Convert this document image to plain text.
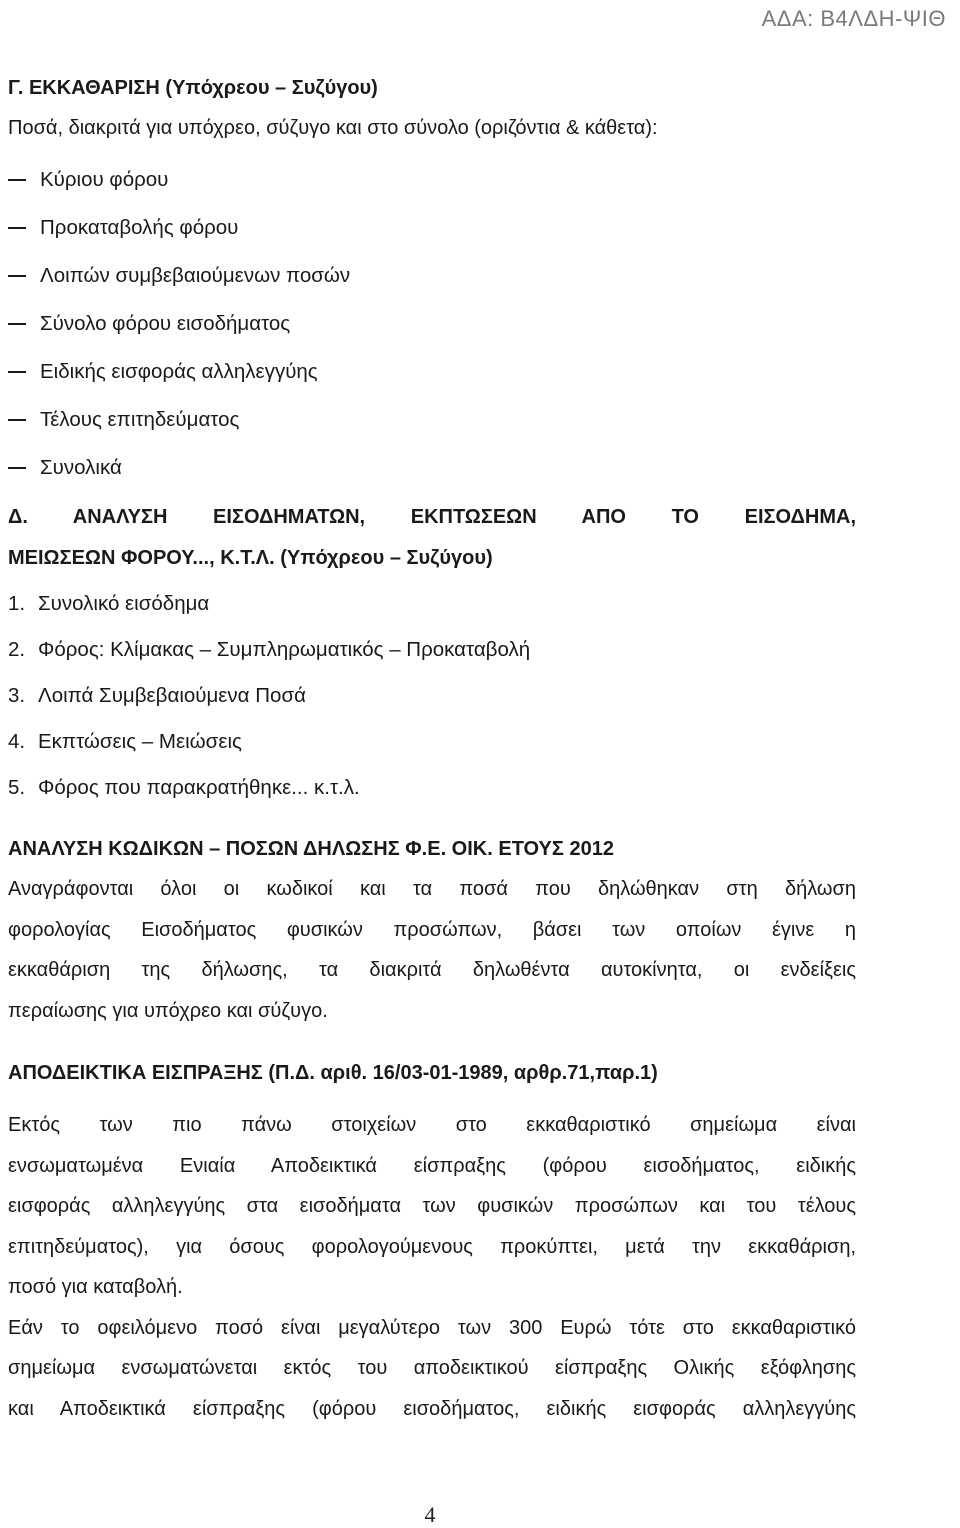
ΑΔΑ: Β4ΛΔΗ-ΨΙΘ

Γ. ΕΚΚΑΘΑΡΙΣΗ (Υπόχρεου – Συζύγου)

Ποσά, διακριτά για υπόχρεο, σύζυγο και στο σύνολο (οριζόντια & κάθετα):

Κύριου φόρου
Προκαταβολής φόρου
Λοιπών συμβεβαιούμενων ποσών
Σύνολο φόρου εισοδήματος
Ειδικής εισφοράς αλληλεγγύης
Τέλους επιτηδεύματος
Συνολικά
Δ. ΑΝΑΛΥΣΗ ΕΙΣΟΔΗΜΑΤΩΝ, ΕΚΠΤΩΣΕΩΝ ΑΠΟ ΤΟ ΕΙΣΟΔΗΜΑ,
ΜΕΙΩΣΕΩΝ ΦΟΡΟΥ..., Κ.Τ.Λ. (Υπόχρεου – Συζύγου)
1. Συνολικό εισόδημα
2. Φόρος: Κλίμακας – Συμπληρωματικός – Προκαταβολή
3. Λοιπά Συμβεβαιούμενα Ποσά
4. Εκπτώσεις – Μειώσεις
5. Φόρος που παρακρατήθηκε... κ.τ.λ.

ΑΝΑΛΥΣΗ ΚΩΔΙΚΩΝ – ΠΟΣΩΝ ΔΗΛΩΣΗΣ Φ.Ε. ΟΙΚ. ΕΤΟΥΣ 2012

Αναγράφονται όλοι οι κωδικοί και τα ποσά που δηλώθηκαν στη δήλωση
φορολογίας Εισοδήματος φυσικών προσώπων, βάσει των οποίων έγινε η
εκκαθάριση της δήλωσης, τα διακριτά δηλωθέντα αυτοκίνητα, οι ενδείξεις
περαίωσης για υπόχρεο και σύζυγο.

ΑΠΟΔΕΙΚΤΙΚΑ ΕΙΣΠΡΑΞΗΣ (Π.Δ. αριθ. 16/03-01-1989, αρθρ.71,παρ.1)

Εκτός των πιο πάνω στοιχείων στο εκκαθαριστικό σημείωμα είναι
ενσωματωμένα Ενιαία Αποδεικτικά είσπραξης (φόρου εισοδήματος, ειδικής
εισφοράς αλληλεγγύης στα εισοδήματα των φυσικών προσώπων και του τέλους
επιτηδεύματος), για όσους φορολογούμενους προκύπτει, μετά την εκκαθάριση,
ποσό για καταβολή.
Εάν το οφειλόμενο ποσό είναι μεγαλύτερο των 300 Ευρώ τότε στο εκκαθαριστικό
σημείωμα ενσωματώνεται εκτός του αποδεικτικού είσπραξης Ολικής εξόφλησης
και Αποδεικτικά είσπραξης (φόρου εισοδήματος, ειδικής εισφοράς αλληλεγγύης
4
